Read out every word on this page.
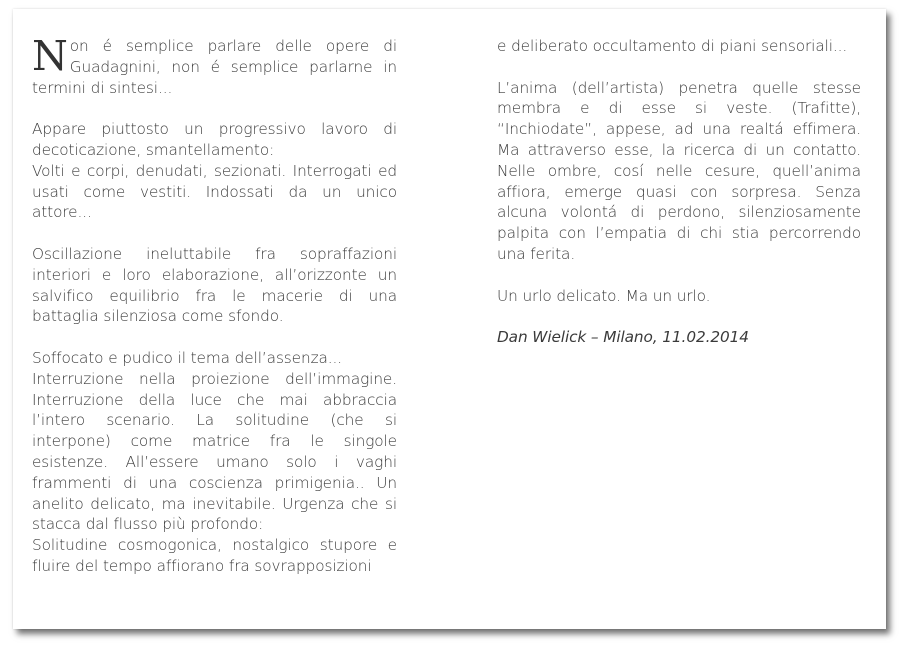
Non é semplice parlare delle opere di Guadagnini, non é semplice parlarne in termini di sintesi...

Appare piuttosto un progressivo lavoro di decoticazione, smantellamento:

Volti e corpi, denudati, sezionati. Interrogati ed usati come vestiti. Indossati da un unico attore...

Oscillazione ineluttabile fra sopraffazioni interiori e loro elaborazione, all’orizzonte un salvifico equilibrio fra le macerie di una battaglia silenziosa come sfondo.

Soffocato e pudico il tema dell’assenza...

Interruzione nella proiezione dell’immagine. Interruzione della luce che mai abbraccia l’intero scenario. La solitudine (che si interpone) come matrice fra le singole esistenze. All’essere umano solo i vaghi frammenti di una coscienza primigenia.. Un anelito delicato, ma inevitabile. Urgenza che si stacca dal flusso più profondo:

Solitudine cosmogonica, nostalgico stupore e fluire del tempo affiorano fra sovrapposizioni

e deliberato occultamento di piani sensoriali...

L’anima (dell’artista) penetra quelle stesse membra e di esse si veste. (Trafitte), “Inchiodate”, appese, ad una realtá effimera. Ma attraverso esse, la ricerca di un contatto. Nelle ombre, cosí nelle cesure, quell’anima affiora, emerge quasi con sorpresa. Senza alcuna volontá di perdono, silenziosamente palpita con l’empatia di chi stia percorrendo una ferita.

Un urlo delicato. Ma un urlo.

Dan Wielick – Milano, 11.02.2014
